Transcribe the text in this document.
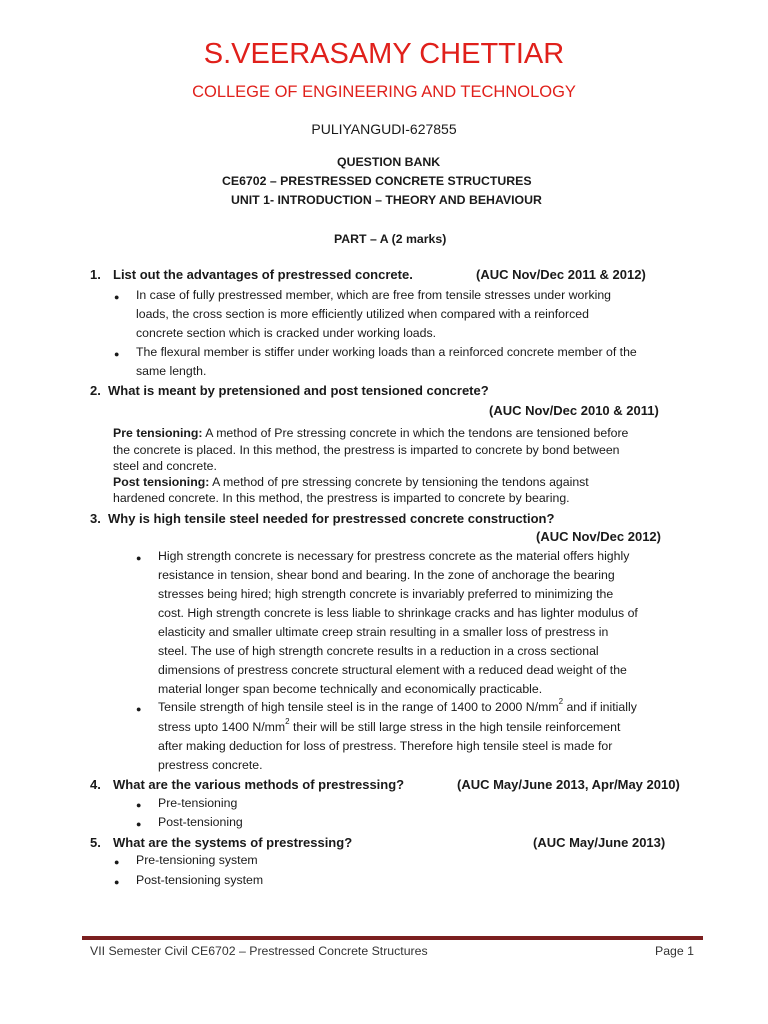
S.VEERASAMY CHETTIAR
COLLEGE OF ENGINEERING AND TECHNOLOGY
PULIYANGUDI-627855
QUESTION BANK
CE6702 – PRESTRESSED CONCRETE STRUCTURES
UNIT 1- INTRODUCTION – THEORY AND BEHAVIOUR
PART – A (2 marks)
1. List out the advantages of prestressed concrete.	(AUC Nov/Dec 2011 & 2012)
● In case of fully prestressed member, which are free from tensile stresses under working
loads, the cross section is more efficiently utilized when compared with a reinforced
concrete section which is cracked under working loads.
● The flexural member is stiffer under working loads than a reinforced concrete member of the
same length.
2. What is meant by pretensioned and post tensioned concrete?
(AUC Nov/Dec 2010 & 2011)
Pre tensioning: A method of Pre stressing concrete in which the tendons are tensioned before
the concrete is placed. In this method, the prestress is imparted to concrete by bond between
steel and concrete.
Post tensioning: A method of pre stressing concrete by tensioning the tendons against
hardened concrete. In this method, the prestress is imparted to concrete by bearing.
3. Why is high tensile steel needed for prestressed concrete construction?
(AUC Nov/Dec 2012)
● High strength concrete is necessary for prestress concrete as the material offers highly
resistance in tension, shear bond and bearing. In the zone of anchorage the bearing
stresses being hired; high strength concrete is invariably preferred to minimizing the
cost. High strength concrete is less liable to shrinkage cracks and has lighter modulus of
elasticity and smaller ultimate creep strain resulting in a smaller loss of prestress in
steel. The use of high strength concrete results in a reduction in a cross sectional
dimensions of prestress concrete structural element with a reduced dead weight of the
material longer span become technically and economically practicable.
● Tensile strength of high tensile steel is in the range of 1400 to 2000 $N/mm^2$ and if initially
stress upto 1400 $N/mm^2$ their will be still large stress in the high tensile reinforcement
after making deduction for loss of prestress. Therefore high tensile steel is made for
prestress concrete.
4. What are the various methods of prestressing?	(AUC May/June 2013, Apr/May 2010)
● Pre-tensioning
● Post-tensioning
5. What are the systems of prestressing?	(AUC May/June 2013)
● Pre-tensioning system
● Post-tensioning system
VII Semester Civil CE6702 – Prestressed Concrete Structures	Page 1
